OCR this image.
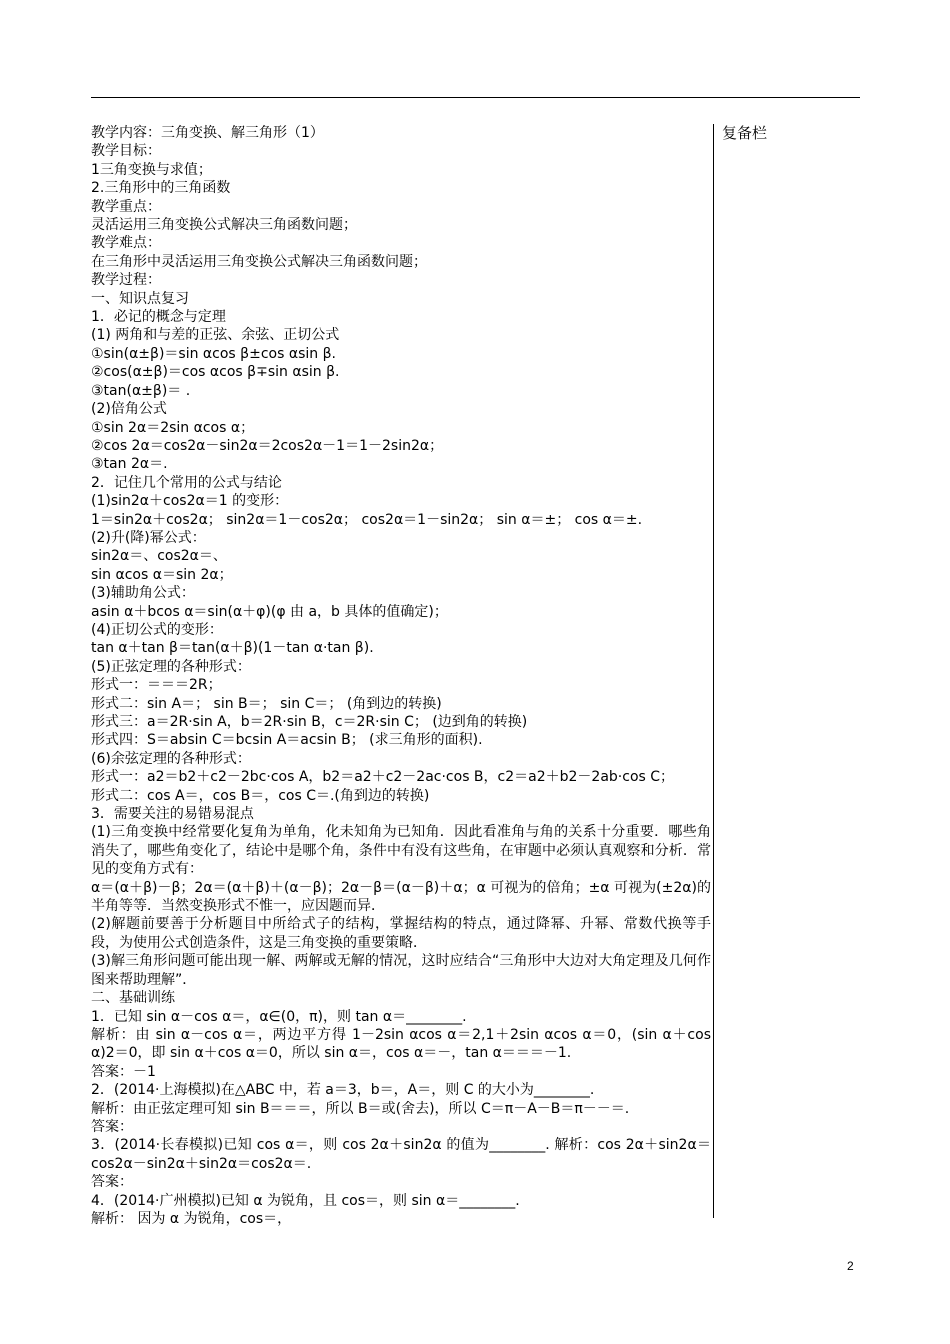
教学内容：三角变换、解三角形（1）
教学目标：
1三角变换与求值；
2.三角形中的三角函数
教学重点：
灵活运用三角变换公式解决三角函数问题；
教学难点：
在三角形中灵活运用三角变换公式解决三角函数问题；
教学过程：
一、知识点复习
1．必记的概念与定理
(1) 两角和与差的正弦、余弦、正切公式
①sin(α±β)＝sin αcos β±cos αsin β.
②cos(α±β)＝cos αcos β∓sin αsin β.
③tan(α±β)＝ .
(2)倍角公式
①sin 2α＝2sin αcos α；
②cos 2α＝cos2α－sin2α＝2cos2α－1＝1－2sin2α；
③tan 2α＝.
2．记住几个常用的公式与结论
(1)sin2α＋cos2α＝1 的变形：
1＝sin2α＋cos2α； sin2α＝1－cos2α； cos2α＝1－sin2α； sin α＝±； cos α＝±.
(2)升(降)幂公式：
sin2α＝、cos2α＝、
sin αcos α＝sin 2α；
(3)辅助角公式：
asin α＋bcos α＝sin(α＋φ)(φ 由 a，b 具体的值确定)；
(4)正切公式的变形：
tan α＋tan β＝tan(α＋β)(1－tan α·tan β).
(5)正弦定理的各种形式：
形式一：＝＝＝2R；
形式二：sin A＝； sin B＝； sin C＝； (角到边的转换)
形式三：a＝2R·sin A，b＝2R·sin B，c＝2R·sin C； (边到角的转换)
形式四：S＝absin C＝bcsin A＝acsin B； (求三角形的面积).
(6)余弦定理的各种形式：
形式一：a2＝b2＋c2－2bc·cos A，b2＝a2＋c2－2ac·cos B，c2＝a2＋b2－2ab·cos C；
形式二：cos A＝，cos B＝，cos C＝.(角到边的转换)
3．需要关注的易错易混点
(1)三角变换中经常要化复角为单角，化未知角为已知角．因此看准角与角的关系十分重要．哪些角消失了，哪些角变化了，结论中是哪个角，条件中有没有这些角，在审题中必须认真观察和分析．常见的变角方式有：
α＝(α＋β)－β；2α＝(α＋β)＋(α－β)；2α－β＝(α－β)＋α；α 可视为的倍角；±α 可视为(±2α)的半角等等．当然变换形式不惟一，应因题而异．
(2)解题前要善于分析题目中所给式子的结构，掌握结构的特点，通过降幂、升幂、常数代换等手段，为使用公式创造条件，这是三角变换的重要策略．
(3)解三角形问题可能出现一解、两解或无解的情况，这时应结合“三角形中大边对大角定理及几何作图来帮助理解”．
二、基础训练
1．已知 sin α－cos α＝，α∈(0，π)，则 tan α＝________.
解析：由 sin α－cos α＝，两边平方得 1－2sin αcos α＝2,1＋2sin αcos α＝0，(sin α＋cos α)2＝0，即 sin α＋cos α＝0，所以 sin α＝，cos α＝－，tan α＝＝＝－1.
答案：－1
2．(2014·上海模拟)在△ABC 中，若 a＝3，b＝，A＝，则 C 的大小为________.
解析：由正弦定理可知 sin B＝＝＝，所以 B＝或(舍去)，所以 C＝π－A－B＝π－－＝.
答案：
3．(2014·长春模拟)已知 cos α＝，则 cos 2α＋sin2α 的值为________. 解析：cos 2α＋sin2α＝cos2α－sin2α＋sin2α＝cos2α＝.
答案：
4．(2014·广州模拟)已知 α 为锐角，且 cos＝，则 sin α＝________.
解析： 因为 α 为锐角，cos＝，
复备栏
2
